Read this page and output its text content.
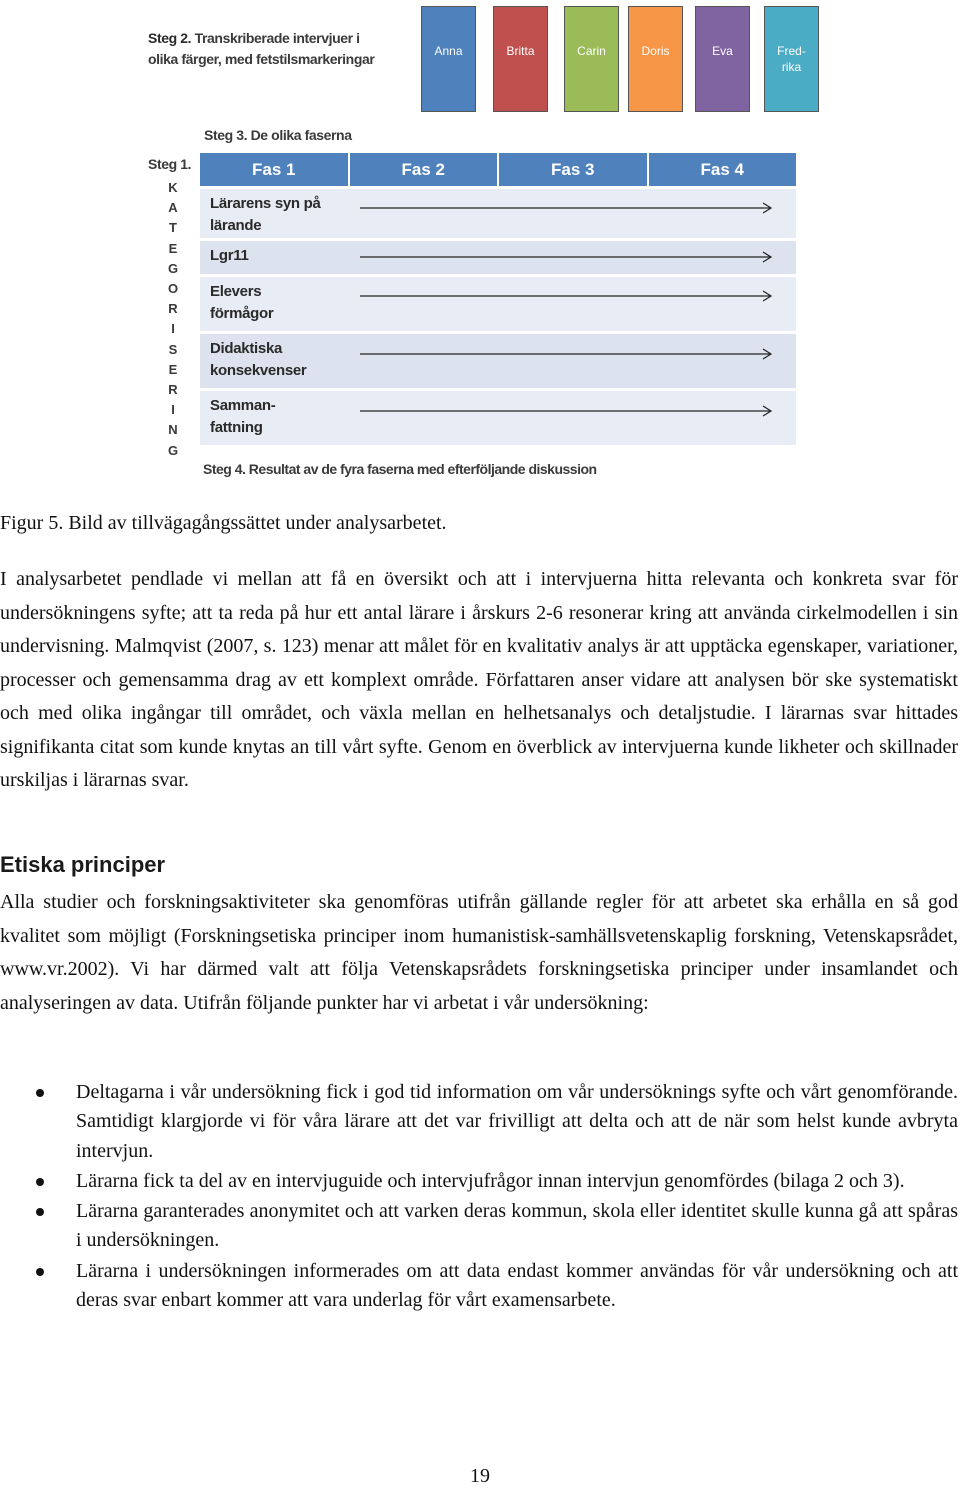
Steg 2. Transkriberade intervjuer i
olika färger, med fetstilsmarkeringar	Anna	Britta	Carin	Doris	Eva	Fred-
rika
Steg 3. De olika faserna
Steg 1.
K
A
T
E
G
O
R
I
S
E
R
I
N
G
Fas 1	Fas 2	Fas 3	Fas 4
Lärarens syn på
lärande
Lgr11
Elevers
förmågor
Didaktiska
konsekvenser
Samman-
fattning
Steg 4. Resultat av de fyra faserna med efterföljande diskussion
Figur 5. Bild av tillvägagångssättet under analysarbetet.
I analysarbetet pendlade vi mellan att få en översikt och att i intervjuerna hitta relevanta och konkreta svar för undersökningens syfte; att ta reda på hur ett antal lärare i årskurs 2-6 resonerar kring att använda cirkelmodellen i sin undervisning. Malmqvist (2007, s. 123) menar att målet för en kvalitativ analys är att upptäcka egenskaper, variationer, processer och gemensamma drag av ett komplext område. Författaren anser vidare att analysen bör ske systematiskt och med olika ingångar till området, och växla mellan en helhetsanalys och detaljstudie. I lärarnas svar hittades signifikanta citat som kunde knytas an till vårt syfte. Genom en överblick av intervjuerna kunde likheter och skillnader urskiljas i lärarnas svar.
Etiska principer
Alla studier och forskningsaktiviteter ska genomföras utifrån gällande regler för att arbetet ska erhålla en så god kvalitet som möjligt (Forskningsetiska principer inom humanistisk-samhällsvetenskaplig forskning, Vetenskapsrådet, www.vr.2002). Vi har därmed valt att följa Vetenskapsrådets forskningsetiska principer under insamlandet och analyseringen av data. Utifrån följande punkter har vi arbetat i vår undersökning:
Deltagarna i vår undersökning fick i god tid information om vår undersöknings syfte och vårt genomförande. Samtidigt klargjorde vi för våra lärare att det var frivilligt att delta och att de när som helst kunde avbryta intervjun.
Lärarna fick ta del av en intervjuguide och intervjufrågor innan intervjun genomfördes (bilaga 2 och 3).
Lärarna garanterades anonymitet och att varken deras kommun, skola eller identitet skulle kunna gå att spåras i undersökningen.
Lärarna i undersökningen informerades om att data endast kommer användas för vår undersökning och att deras svar enbart kommer att vara underlag för vårt examensarbete.
19
